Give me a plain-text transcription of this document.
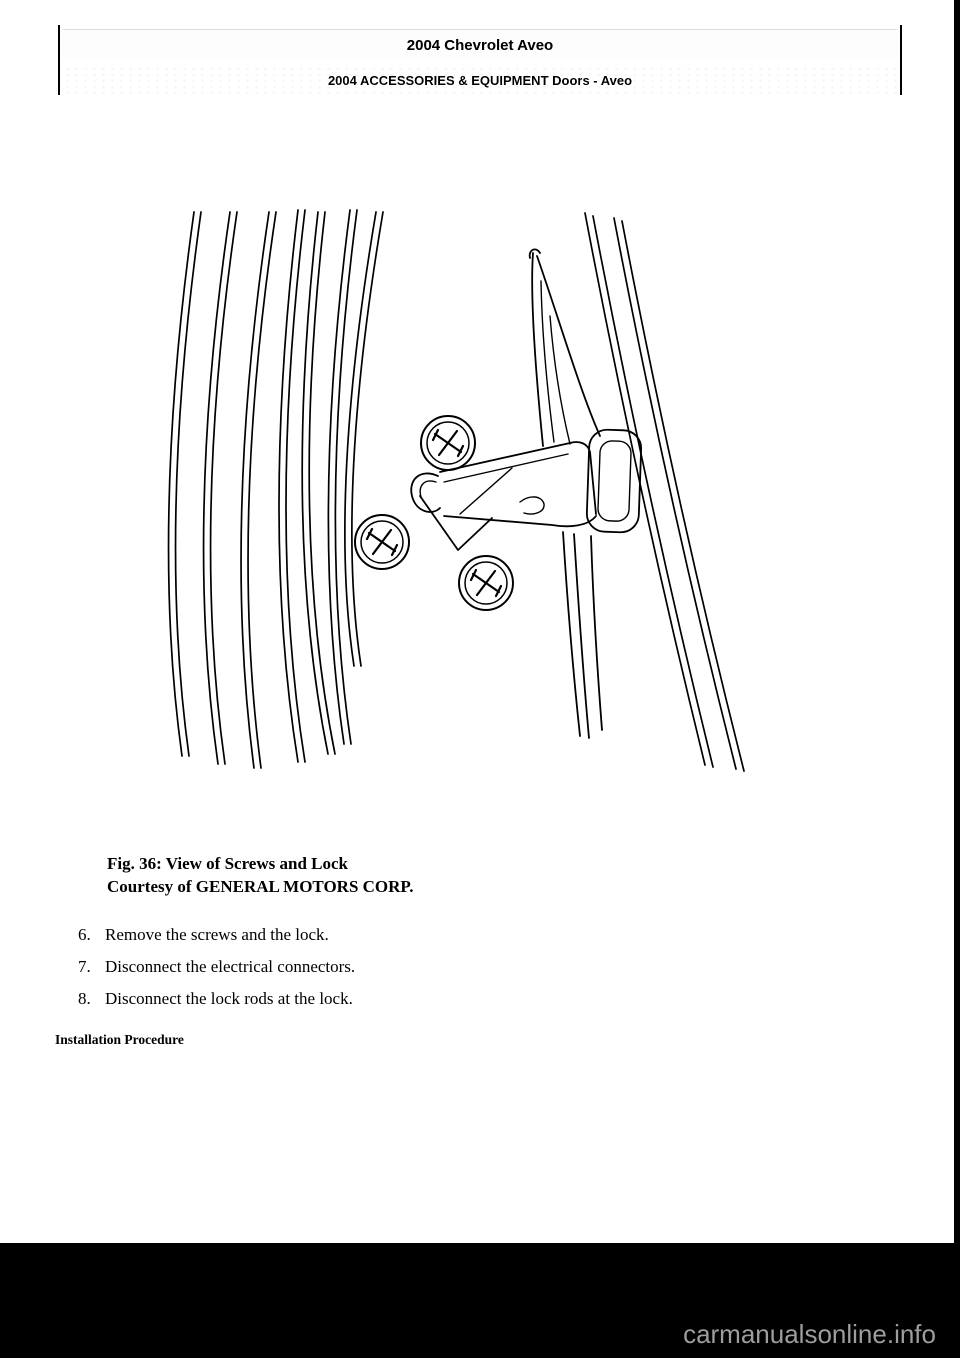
2004 Chevrolet Aveo
2004 ACCESSORIES & EQUIPMENT Doors - Aveo
Fig. 36: View of Screws and Lock
Courtesy of GENERAL MOTORS CORP.
6. Remove the screws and the lock.
7. Disconnect the electrical connectors.
8. Disconnect the lock rods at the lock.
Installation Procedure
carmanualsonline.info
